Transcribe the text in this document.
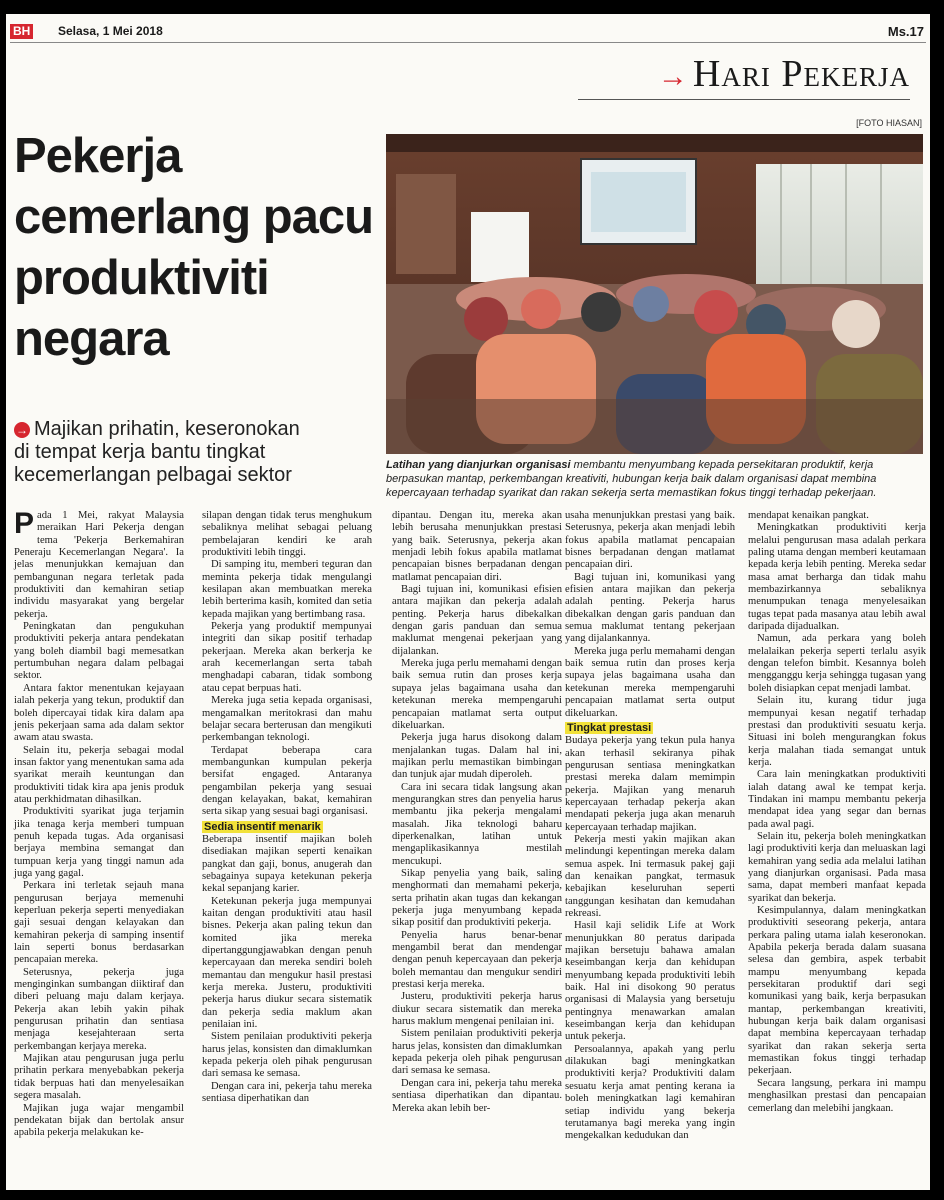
BH Selasa, 1 Mei 2018	Ms.17
→ Hari Pekerja
[FOTO HIASAN]
Pekerja
cemerlang pacu
produktiviti
negara
→ Majikan prihatin, keseronokan
di tempat kerja bantu tingkat
kecemerlangan pelbagai sektor	Latihan yang dianjurkan organisasi membantu menyumbang kepada persekitaran produktif, kerja berpasukan mantap, perkembangan kreativiti, hubungan kerja baik dalam organisasi dapat membina kepercayaan terhadap syarikat dan rakan sekerja serta memastikan fokus tinggi terhadap pekerjaan.

Pada 1 Mei, rakyat Malaysia meraikan Hari Pekerja dengan tema 'Pekerja Berkemahiran Peneraju Kecemerlangan Negara'. Ia jelas menunjukkan kemajuan dan pembangunan negara terletak pada produktiviti dan kemahiran setiap individu masyarakat yang bergelar pekerja.

Peningkatan dan pengukuhan produktiviti pekerja antara pendekatan yang boleh diambil bagi memesatkan pertumbuhan negara dalam pelbagai sektor.

Antara faktor menentukan kejayaan ialah pekerja yang tekun, produktif dan boleh dipercayai tidak kira dalam apa jenis pekerjaan sama ada dalam sektor awam atau swasta.

Selain itu, pekerja sebagai modal insan faktor yang menentukan sama ada syarikat meraih keuntungan dan produktiviti tidak kira apa jenis produk atau perkhidmatan dihasilkan.

Produktiviti syarikat juga terjamin jika tenaga kerja memberi tumpuan penuh kepada tugas. Ada organisasi berjaya membina semangat dan tumpuan kerja yang tinggi namun ada juga yang gagal.

Perkara ini terletak sejauh mana pengurusan berjaya memenuhi keperluan pekerja seperti menyediakan gaji sesuai dengan kelayakan dan kemahiran pekerja di samping insentif lain seperti bonus berdasarkan pencapaian mereka.

Seterusnya, pekerja juga menginginkan sumbangan diiktiraf dan diberi peluang maju dalam kerjaya. Pekerja akan lebih yakin pihak pengurusan prihatin dan sentiasa menjaga kesejahteraan serta perkembangan kerjaya mereka.

Majikan atau pengurusan juga perlu prihatin perkara menyebabkan pekerja tidak berpuas hati dan menyelesaikan segera masalah.

Majikan juga wajar mengambil pendekatan bijak dan bertolak ansur apabila pekerja melakukan ke-

silapan dengan tidak terus menghukum sebaliknya melihat sebagai peluang pembelajaran kendiri ke arah produktiviti lebih tinggi.

Di samping itu, memberi teguran dan meminta pekerja tidak mengulangi kesilapan akan membuatkan mereka lebih berterima kasih, komited dan setia kepada majikan yang bertimbang rasa.

Pekerja yang produktif mempunyai integriti dan sikap positif terhadap pekerjaan. Mereka akan berkerja ke arah kecemerlangan serta tabah menghadapi cabaran, tidak sombong atau cepat berpuas hati.

Mereka juga setia kepada organisasi, mengamalkan meritokrasi dan mahu belajar secara berterusan dan mengikuti perkembangan teknologi.

Terdapat beberapa cara membangunkan kumpulan pekerja bersifat engaged. Antaranya pengambilan pekerja yang sesuai dengan kelayakan, bakat, kemahiran serta sikap yang sesuai bagi organisasi.

Sedia insentif menarik

Beberapa insentif majikan boleh disediakan majikan seperti kenaikan pangkat dan gaji, bonus, anugerah dan sebagainya supaya ketekunan pekerja kekal sepanjang karier.

Ketekunan pekerja juga mempunyai kaitan dengan produktiviti atau hasil bisnes. Pekerja akan paling tekun dan komited jika mereka dipertanggungjawabkan dengan penuh kepercayaan dan mereka sendiri boleh memantau dan mengukur hasil prestasi kerja mereka. Justeru, produktiviti pekerja harus diukur secara sistematik dan pekerja sedia maklum akan penilaian ini.

Sistem penilaian produktiviti pekerja harus jelas, konsisten dan dimaklumkan kepada pekerja oleh pihak pengurusan dari semasa ke semasa.

Dengan cara ini, pekerja tahu mereka sentiasa diperhatikan dan

dipantau. Dengan itu, mereka akan lebih berusaha menunjukkan prestasi yang baik. Seterusnya, pekerja akan menjadi lebih fokus apabila matlamat pencapaian bisnes berpadanan dengan matlamat pencapaian diri.

Bagi tujuan ini, komunikasi efisien antara majikan dan pekerja adalah penting. Pekerja harus dibekalkan dengan garis panduan dan semua maklumat mengenai pekerjaan yang dijalankan.

Mereka juga perlu memahami dengan baik semua rutin dan proses kerja supaya jelas bagaimana usaha dan ketekunan mereka mempengaruhi pencapaian matlamat serta output dikeluarkan.

Pekerja juga harus disokong dalam menjalankan tugas. Dalam hal ini, majikan perlu memastikan bimbingan dan tunjuk ajar mudah diperoleh.

Cara ini secara tidak langsung akan mengurangkan stres dan penyelia harus membantu jika pekerja mengalami masalah. Jika teknologi baharu diperkenalkan, latihan untuk mengaplikasikannya mestilah mencukupi.

Sikap penyelia yang baik, saling menghormati dan memahami pekerja, serta prihatin akan tugas dan kekangan pekerja juga menyumbang kepada sikap positif dan produktiviti pekerja.

Penyelia harus benar-benar mengambil berat dan mendengar dengan penuh kepercayaan dan pekerja boleh memantau dan mengukur sendiri prestasi kerja mereka.

Justeru, produktiviti pekerja harus diukur secara sistematik dan mereka harus maklum mengenai penilaian ini.

Sistem penilaian produktiviti pekerja harus jelas, konsisten dan dimaklumkan kepada pekerja oleh pihak pengurusan dari semasa ke semasa.

Dengan cara ini, pekerja tahu mereka sentiasa diperhatikan dan dipantau. Mereka akan lebih ber-

usaha menunjukkan prestasi yang baik. Seterusnya, pekerja akan menjadi lebih fokus apabila matlamat pencapaian bisnes berpadanan dengan matlamat pencapaian diri.

Bagi tujuan ini, komunikasi yang efisien antara majikan dan pekerja adalah penting. Pekerja harus dibekalkan dengan garis panduan dan semua maklumat tentang pekerjaan yang dijalankannya.

Mereka juga perlu memahami dengan baik semua rutin dan proses kerja supaya jelas bagaimana usaha dan ketekunan mereka mempengaruhi pencapaian matlamat serta output dikeluarkan.

Tingkat prestasi

Budaya pekerja yang tekun pula hanya akan terhasil sekiranya pihak pengurusan sentiasa meningkatkan prestasi mereka dalam memimpin pekerja. Majikan yang menaruh kepercayaan terhadap pekerja akan mendapati pekerja juga akan menaruh kepercayaan terhadap majikan.

Pekerja mesti yakin majikan akan melindungi kepentingan mereka dalam semua aspek. Ini termasuk pakej gaji dan kenaikan pangkat, termasuk kebajikan keseluruhan seperti tanggungan kesihatan dan kemudahan rekreasi.

Hasil kaji selidik Life at Work menunjukkan 80 peratus daripada majikan bersetuju bahawa amalan keseimbangan kerja dan kehidupan menyumbang kepada produktiviti lebih baik. Hal ini disokong 90 peratus organisasi di Malaysia yang bersetuju pentingnya menawarkan amalan keseimbangan kerja dan kehidupan untuk pekerja.

Persoalannya, apakah yang perlu dilakukan bagi meningkatkan produktiviti kerja? Produktiviti dalam sesuatu kerja amat penting kerana ia boleh meningkatkan lagi kemahiran setiap individu yang bekerja terutamanya bagi mereka yang ingin mengekalkan kedudukan dan

mendapat kenaikan pangkat.

Meningkatkan produktiviti kerja melalui pengurusan masa adalah perkara paling utama dengan memberi keutamaan kepada kerja lebih penting. Mereka sedar masa amat berharga dan tidak mahu membazirkannya sebaliknya menumpukan tenaga menyelesaikan tugas tepat pada masanya atau lebih awal daripada dijadualkan.

Namun, ada perkara yang boleh melalaikan pekerja seperti terlalu asyik dengan telefon bimbit. Kesannya boleh mengganggu kerja sehingga tugasan yang boleh disiapkan cepat menjadi lambat.

Selain itu, kurang tidur juga mempunyai kesan negatif terhadap prestasi dan produktiviti sesuatu kerja. Situasi ini boleh mengurangkan fokus kerja malahan tiada semangat untuk kerja.

Cara lain meningkatkan produktiviti ialah datang awal ke tempat kerja. Tindakan ini mampu membantu pekerja mendapat idea yang segar dan bernas pada awal pagi.

Selain itu, pekerja boleh meningkatkan lagi produktiviti kerja dan meluaskan lagi kemahiran yang sedia ada melalui latihan yang dianjurkan organisasi. Pada masa sama, dapat memberi manfaat kepada syarikat dan bekerja.

Kesimpulannya, dalam meningkatkan produktiviti seseorang pekerja, antara perkara paling utama ialah keseronokan. Apabila pekerja berada dalam suasana selesa dan gembira, aspek terbabit mampu menyumbang kepada persekitaran produktif dari segi komunikasi yang baik, kerja berpasukan mantap, perkembangan kreativiti, hubungan kerja baik dalam organisasi dapat membina kepercayaan terhadap syarikat dan rakan sekerja serta memastikan fokus tinggi terhadap pekerjaan.

Secara langsung, perkara ini mampu menghasilkan prestasi dan pencapaian cemerlang dan melebihi jangkaan.
